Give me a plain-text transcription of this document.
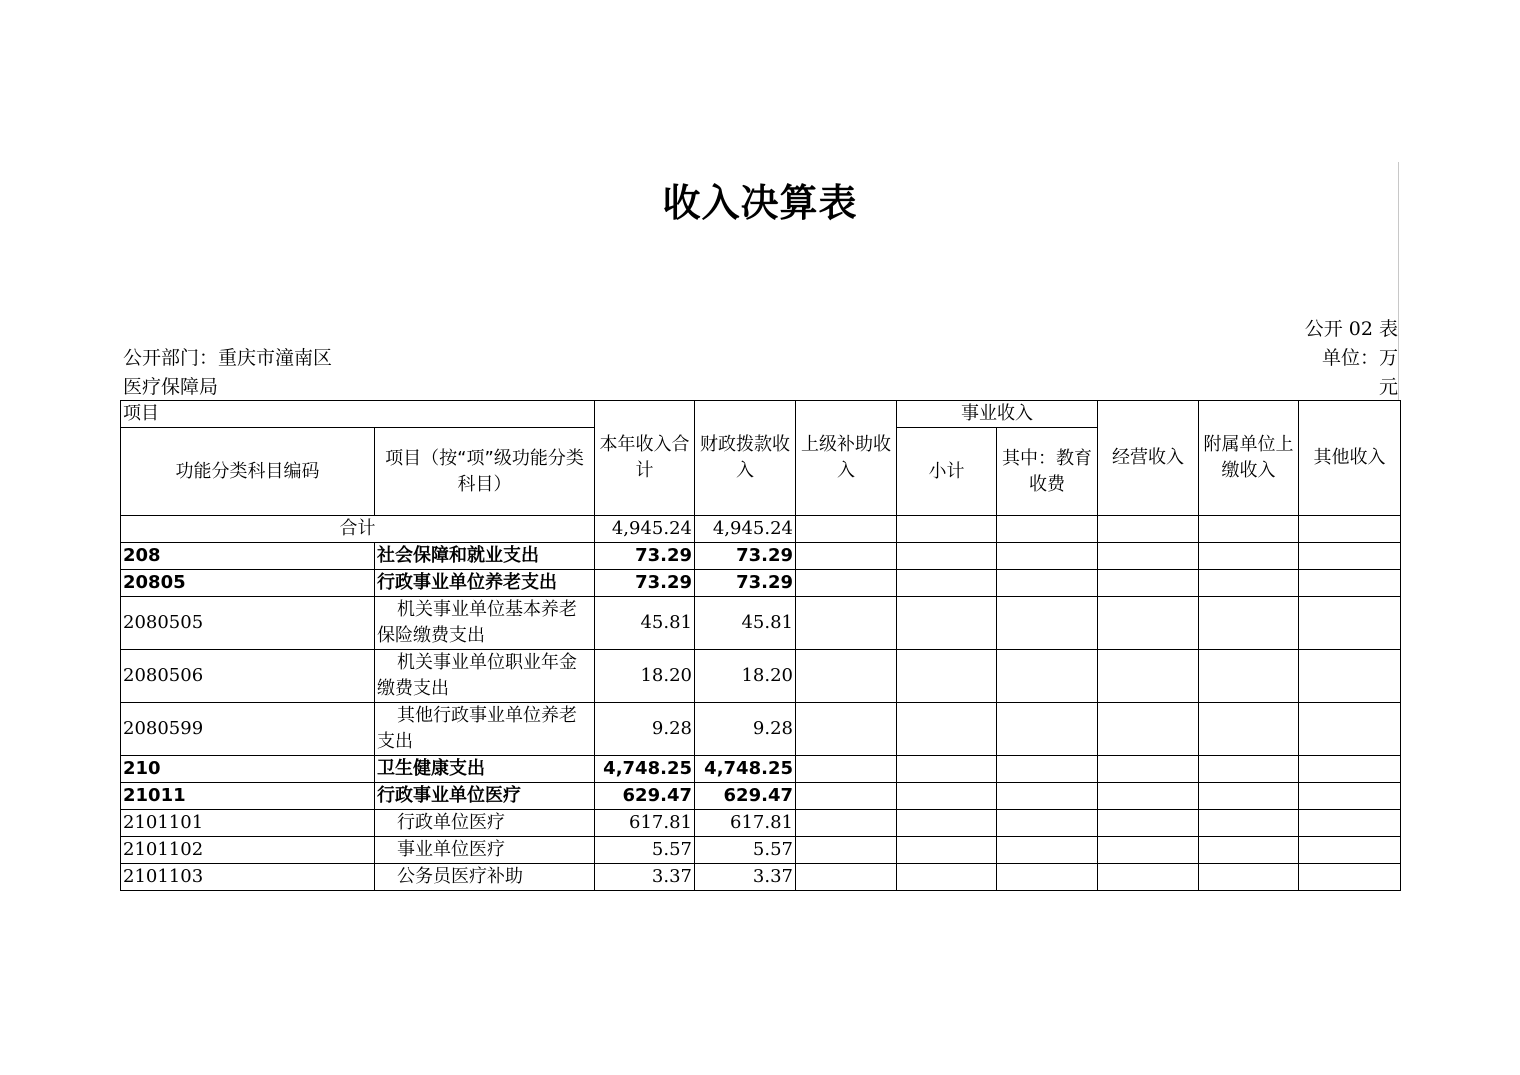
收入决算表
公开 02 表
公开部门：重庆市潼南区医疗保障局
单位：万元
项目		本年收入合计	财政拨款收入	上级补助收入	事业收入		经营收入	附属单位上缴收入	其他收入
功能分类科目编码	项目（按“项”级功能分类科目）				小计	其中：教育收费			
合计		4,945.24	4,945.24						
208	社会保障和就业支出	73.29	73.29						
20805	行政事业单位养老支出	73.29	73.29						
2080505	机关事业单位基本养老保险缴费支出	45.81	45.81						
2080506	机关事业单位职业年金缴费支出	18.20	18.20						
2080599	其他行政事业单位养老支出	9.28	9.28						
210	卫生健康支出	4,748.25	4,748.25						
21011	行政事业单位医疗	629.47	629.47						
2101101	行政单位医疗	617.81	617.81						
2101102	事业单位医疗	5.57	5.57						
2101103	公务员医疗补助	3.37	3.37						
